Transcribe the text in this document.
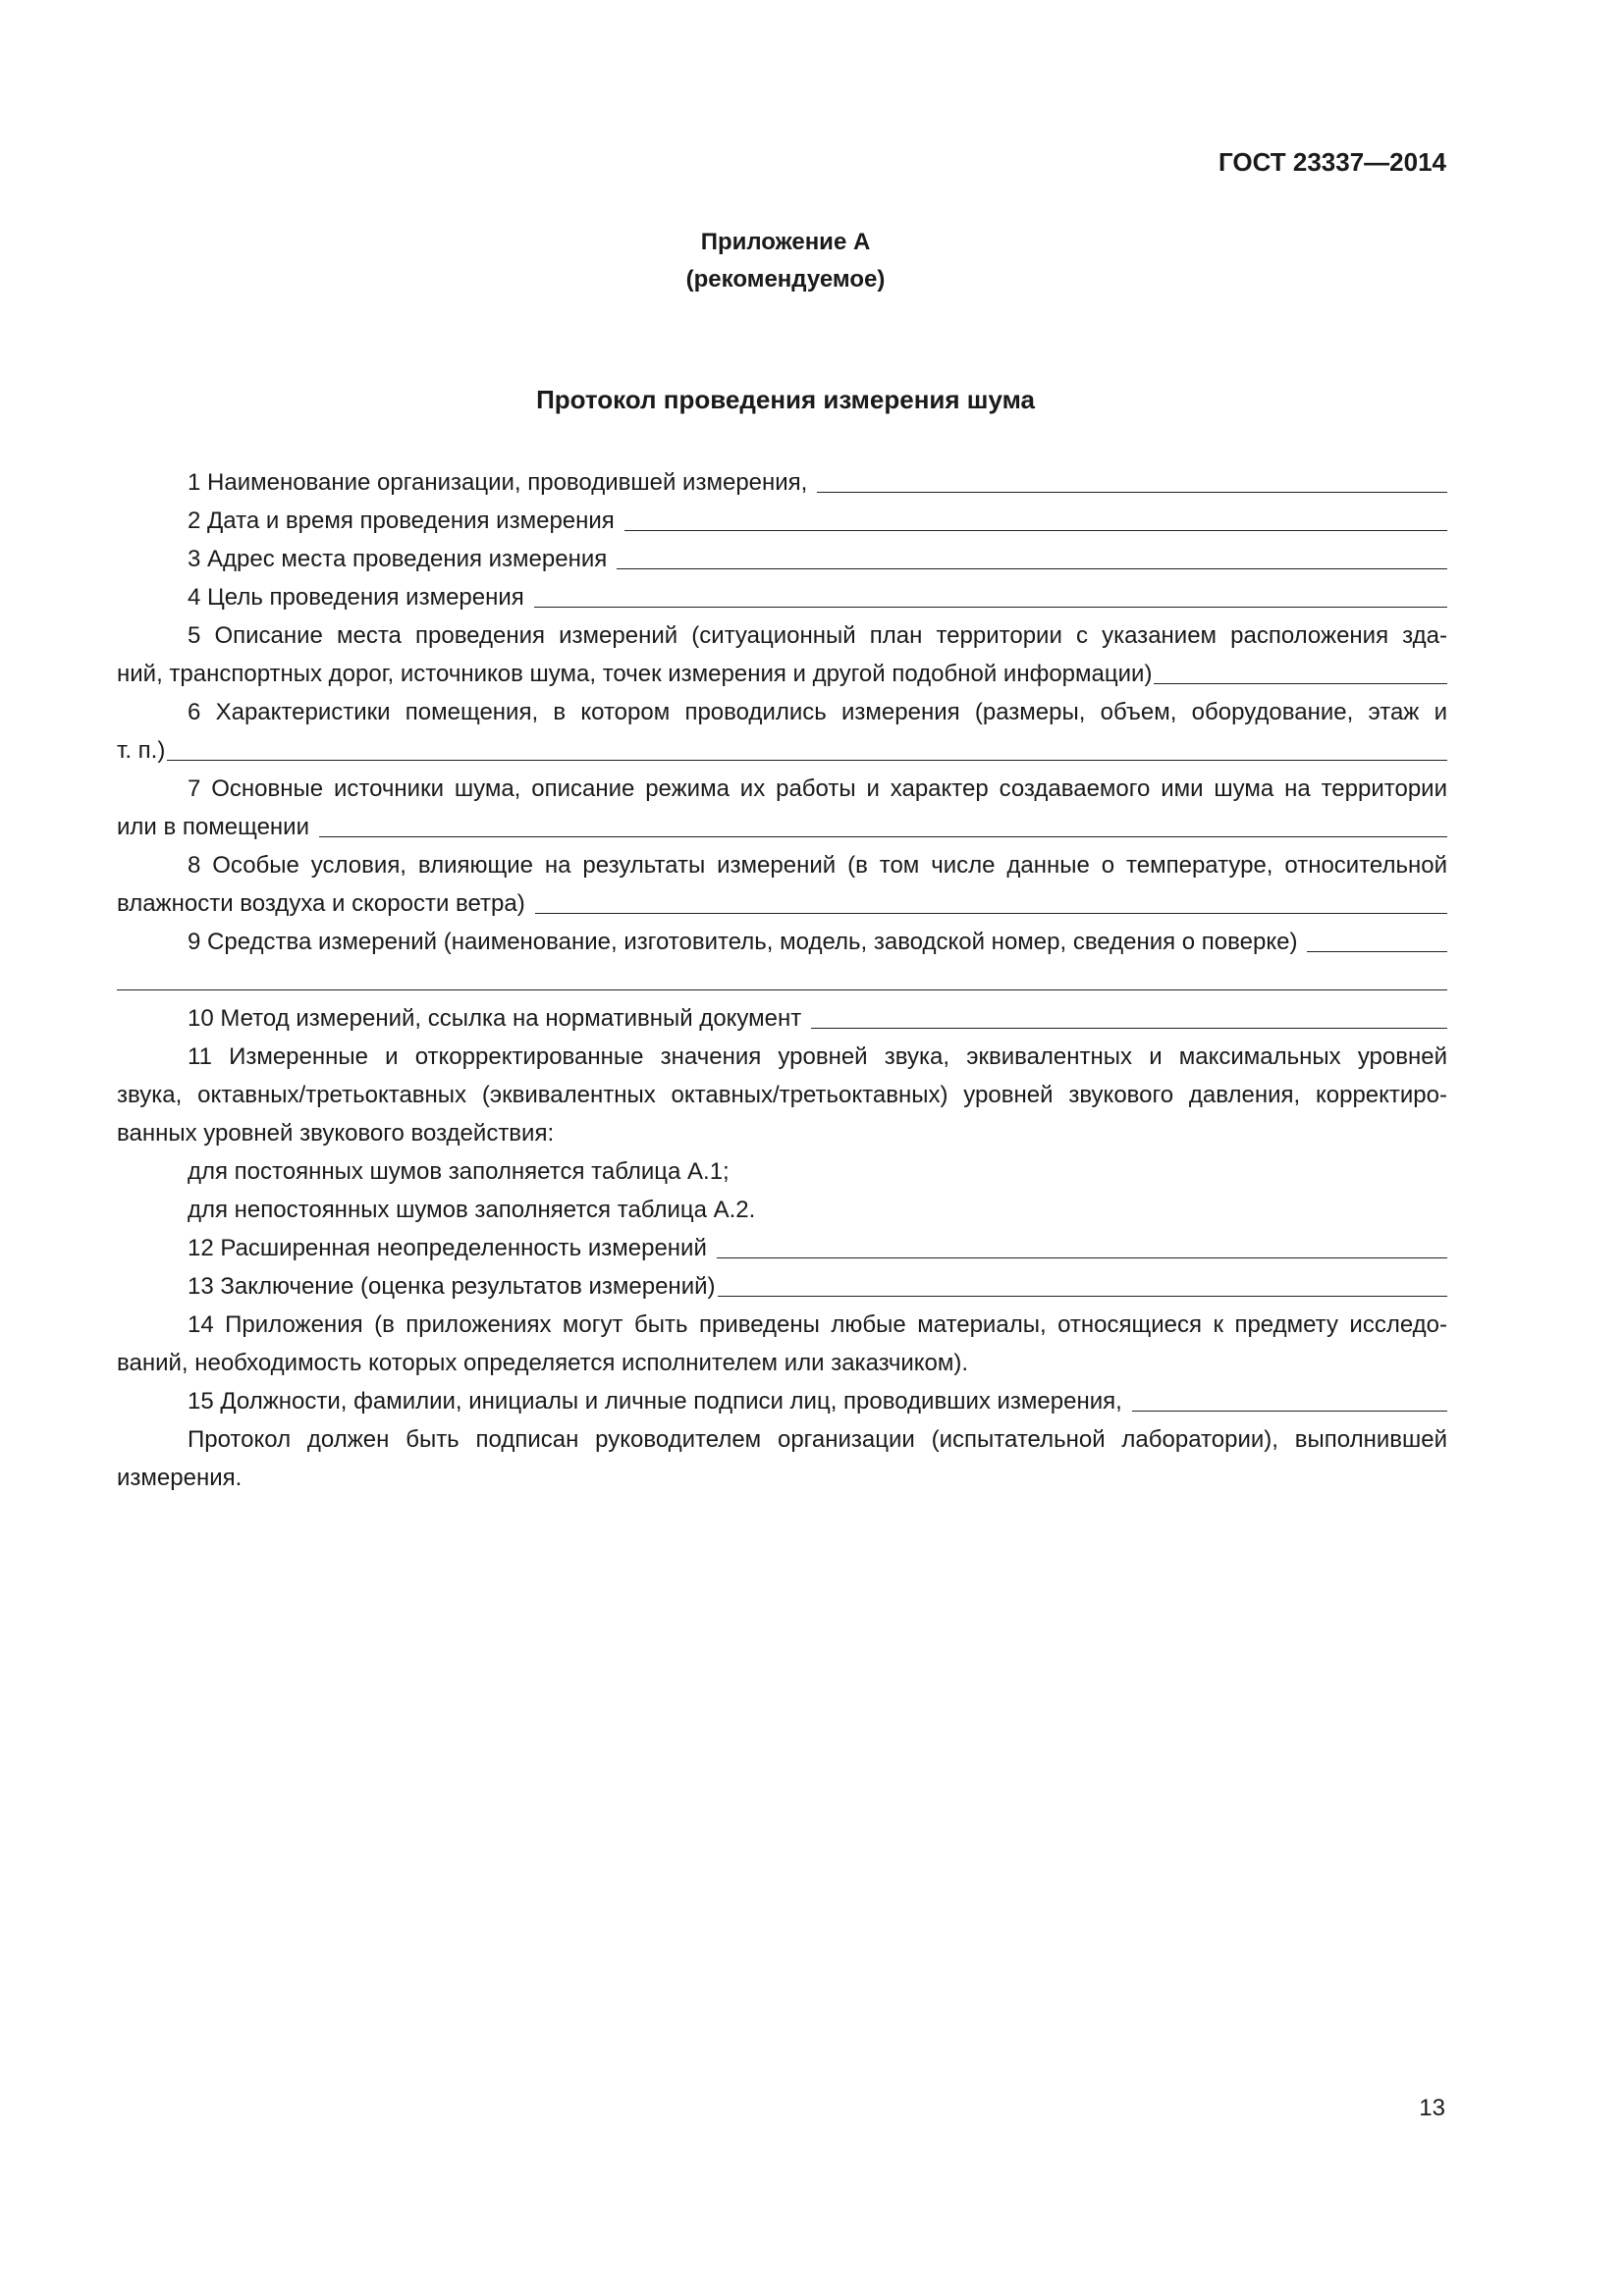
ГОСТ 23337—2014
Приложение А
(рекомендуемое)
Протокол проведения измерения шума
1 Наименование организации, проводившей измерения,
2 Дата и время проведения измерения
3 Адрес места проведения измерения
4 Цель проведения измерения
5 Описание места проведения измерений (ситуационный план территории с указанием расположения зда-
ний, транспортных дорог, источников шума, точек измерения и другой подобной информации)
6 Характеристики помещения, в котором проводились измерения (размеры, объем, оборудование, этаж и
т. п.)
7 Основные источники шума, описание режима их работы и характер создаваемого ими шума на территории
или в помещении
8 Особые условия, влияющие на результаты измерений (в том числе данные о температуре, относительной
влажности воздуха и скорости ветра)
9 Средства измерений (наименование, изготовитель, модель, заводской номер, сведения о поверке)
10 Метод измерений, ссылка на нормативный документ
11 Измеренные и откорректированные значения уровней звука, эквивалентных и максимальных уровней
звука, октавных/третьоктавных (эквивалентных октавных/третьоктавных) уровней звукового давления, корректиро-
ванных уровней звукового воздействия:
для постоянных шумов заполняется таблица А.1;
для непостоянных шумов заполняется таблица А.2.
12 Расширенная неопределенность измерений
13 Заключение (оценка результатов измерений)
14 Приложения (в приложениях могут быть приведены любые материалы, относящиеся к предмету исследо-
ваний, необходимость которых определяется исполнителем или заказчиком).
15 Должности, фамилии, инициалы и личные подписи лиц, проводивших измерения,
Протокол должен быть подписан руководителем организации (испытательной лаборатории), выполнившей
измерения.
13
